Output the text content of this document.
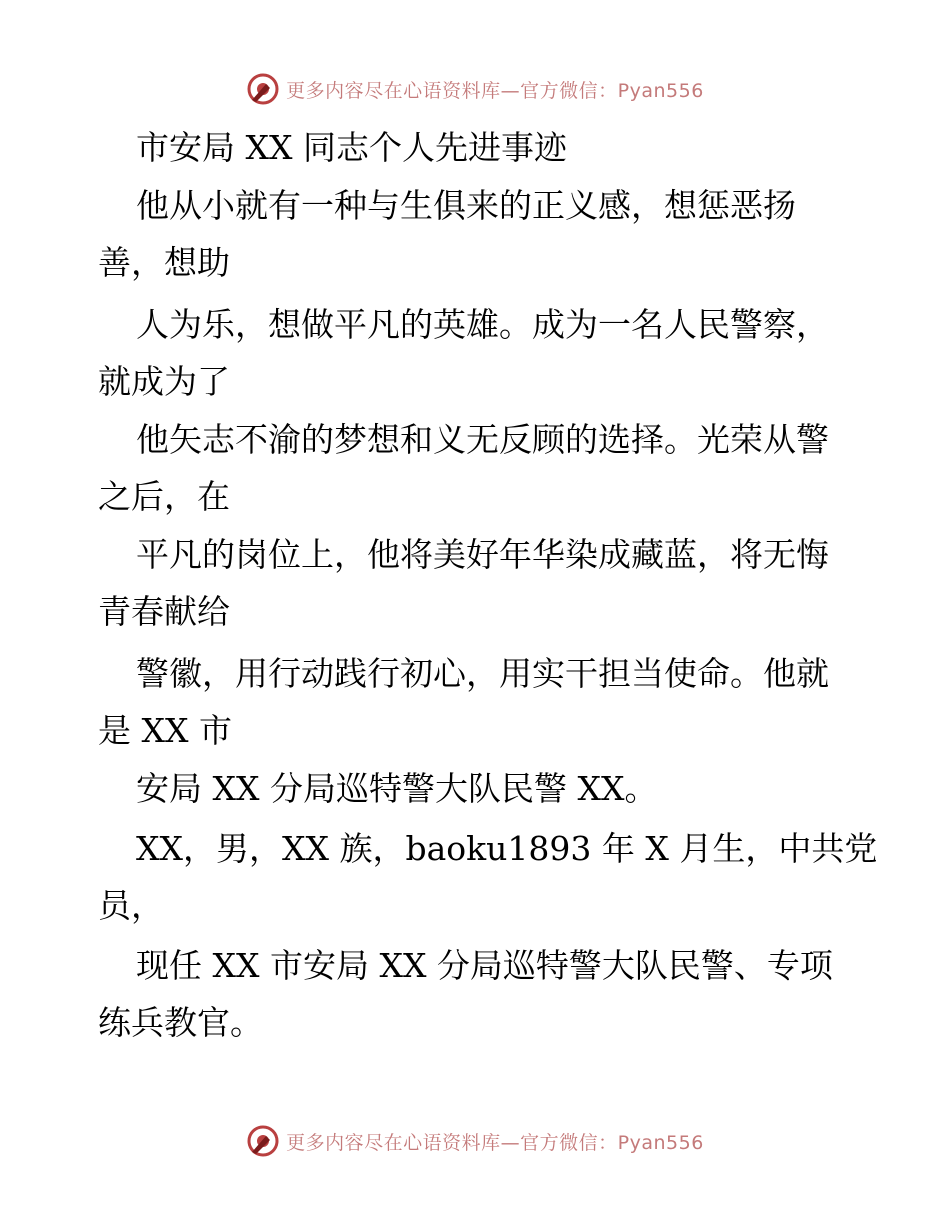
更多内容尽在心语资料库—官方微信：Pyan556
市安局 XX 同志个人先进事迹
他从小就有一种与生俱来的正义感，想惩恶扬
善，想助
人为乐，想做平凡的英雄。成为一名人民警察，
就成为了
他矢志不渝的梦想和义无反顾的选择。光荣从警
之后，在
平凡的岗位上，他将美好年华染成藏蓝，将无悔
青春献给
警徽，用行动践行初心，用实干担当使命。他就
是 XX 市
安局 XX 分局巡特警大队民警 XX。
XX，男，XX 族，baoku1893 年 X 月生，中共党
员，
现任 XX 市安局 XX 分局巡特警大队民警、专项
练兵教官。
更多内容尽在心语资料库—官方微信：Pyan556
